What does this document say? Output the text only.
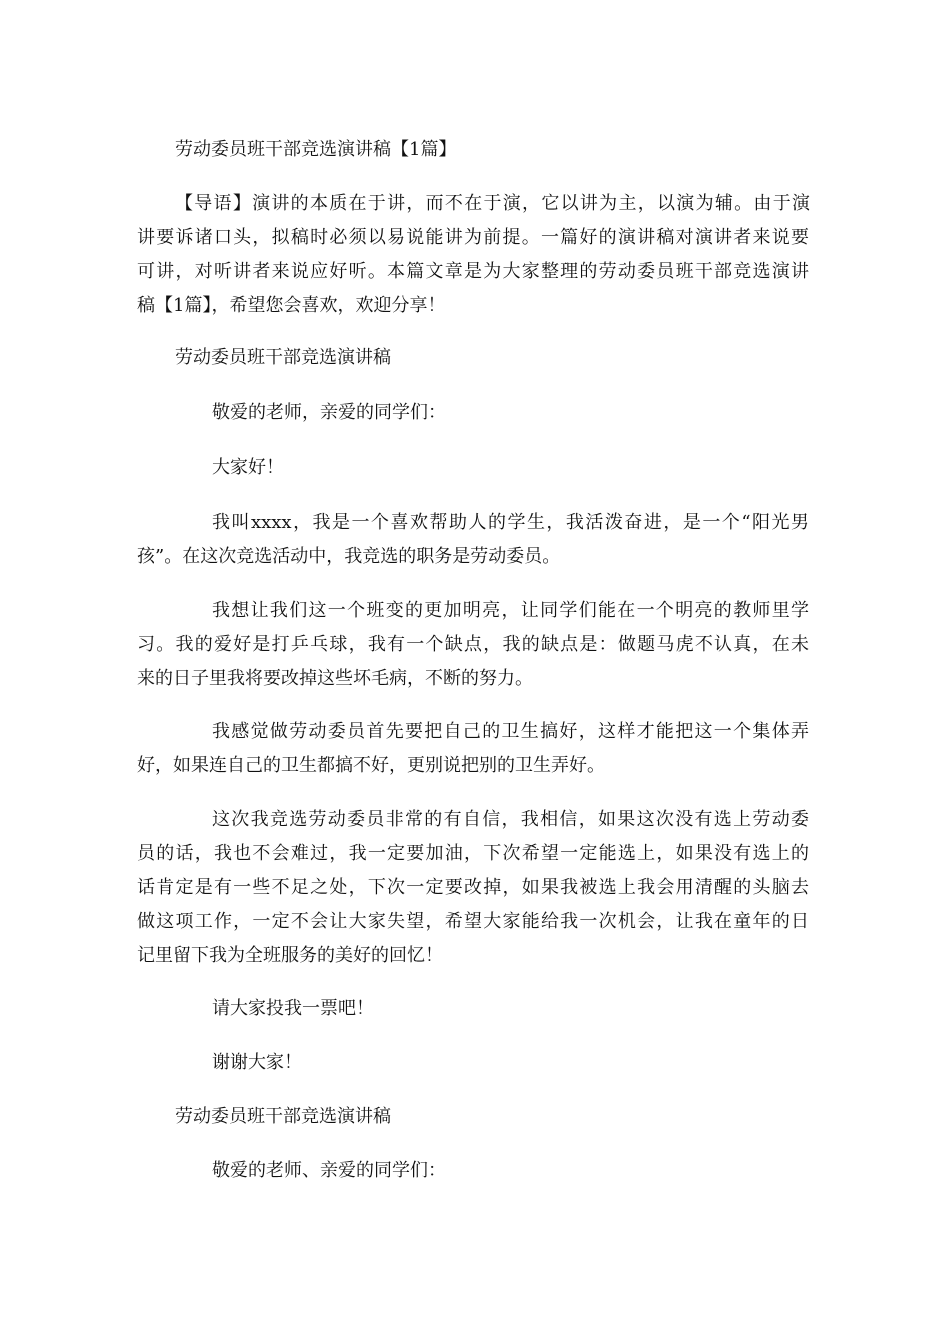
劳动委员班干部竞选演讲稿【1篇】

【导语】演讲的本质在于讲，而不在于演，它以讲为主，以演为辅。由于演

讲要诉诸口头，拟稿时必须以易说能讲为前提。一篇好的演讲稿对演讲者来说要

可讲，对听讲者来说应好听。本篇文章是为大家整理的劳动委员班干部竞选演讲

稿【1篇】，希望您会喜欢，欢迎分享！

劳动委员班干部竞选演讲稿

敬爱的老师，亲爱的同学们：

大家好！

我叫xxxx，我是一个喜欢帮助人的学生，我活泼奋进，是一个“阳光男

孩”。在这次竞选活动中，我竞选的职务是劳动委员。

我想让我们这一个班变的更加明亮，让同学们能在一个明亮的教师里学

习。我的爱好是打乒乓球，我有一个缺点，我的缺点是：做题马虎不认真，在未

来的日子里我将要改掉这些坏毛病，不断的努力。

我感觉做劳动委员首先要把自己的卫生搞好，这样才能把这一个集体弄

好，如果连自己的卫生都搞不好，更别说把别的卫生弄好。

这次我竞选劳动委员非常的有自信，我相信，如果这次没有选上劳动委

员的话，我也不会难过，我一定要加油，下次希望一定能选上，如果没有选上的

话肯定是有一些不足之处，下次一定要改掉，如果我被选上我会用清醒的头脑去

做这项工作，一定不会让大家失望，希望大家能给我一次机会，让我在童年的日

记里留下我为全班服务的美好的回忆！

请大家投我一票吧！

谢谢大家！

劳动委员班干部竞选演讲稿

敬爱的老师、亲爱的同学们：
